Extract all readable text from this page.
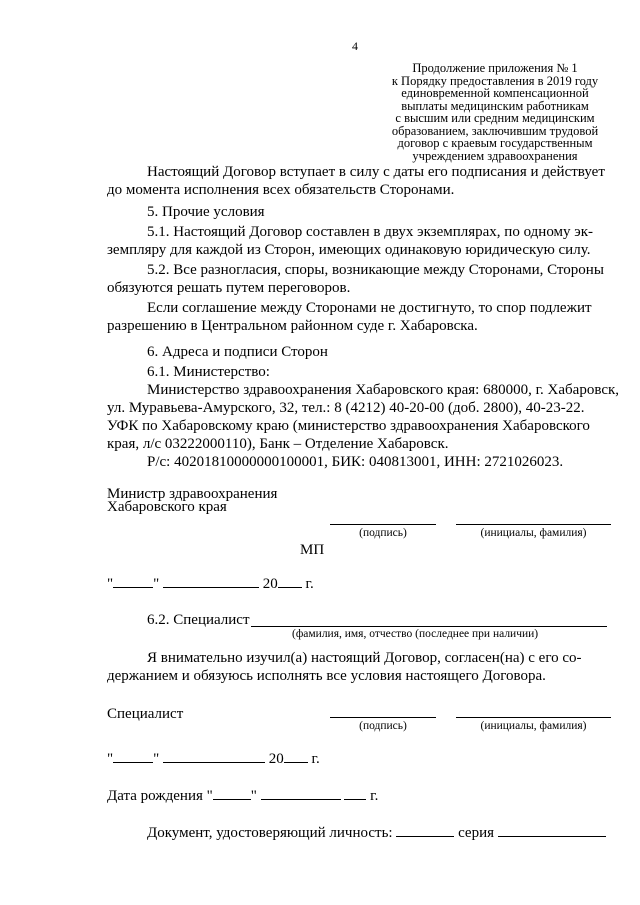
4
Продолжение приложения № 1
к Порядку предоставления в 2019 году
единовременной компенсационной
выплаты медицинским работникам
с высшим или средним медицинским
образованием, заключившим трудовой
договор с краевым государственным
учреждением здравоохранения
Настоящий Договор вступает в силу с даты его подписания и действует
до момента исполнения всех обязательств Сторонами.
5. Прочие условия
5.1. Настоящий Договор составлен в двух экземплярах, по одному эк-
земпляру для каждой из Сторон, имеющих одинаковую юридическую силу.
5.2. Все разногласия, споры, возникающие между Сторонами, Стороны
обязуются решать путем переговоров.
Если соглашение между Сторонами не достигнуто, то спор подлежит
разрешению в Центральном районном суде г. Хабаровска.
6. Адреса и подписи Сторон
6.1. Министерство:
Министерство здравоохранения Хабаровского края: 680000, г. Хабаровск,
ул. Муравьева-Амурского, 32, тел.: 8 (4212) 40-20-00 (доб. 2800), 40-23-22.
УФК по Хабаровскому краю (министерство здравоохранения Хабаровского
края, л/с 03222000110), Банк – Отделение Хабаровск.
Р/с: 40201810000000100001, БИК: 040813001, ИНН: 2721026023.
Министр здравоохранения
Хабаровского края
(подпись)	(инициалы, фамилия)
МП
"	"	20 г.
6.2. Специалист
(фамилия, имя, отчество (последнее при наличии)
Я внимательно изучил(а) настоящий Договор, согласен(на) с его со-
держанием и обязуюсь исполнять все условия настоящего Договора.
Специалист
(подпись)	(инициалы, фамилия)
"	"	20 г.
Дата рождения "	"	г.
Документ, удостоверяющий личность:	серия
